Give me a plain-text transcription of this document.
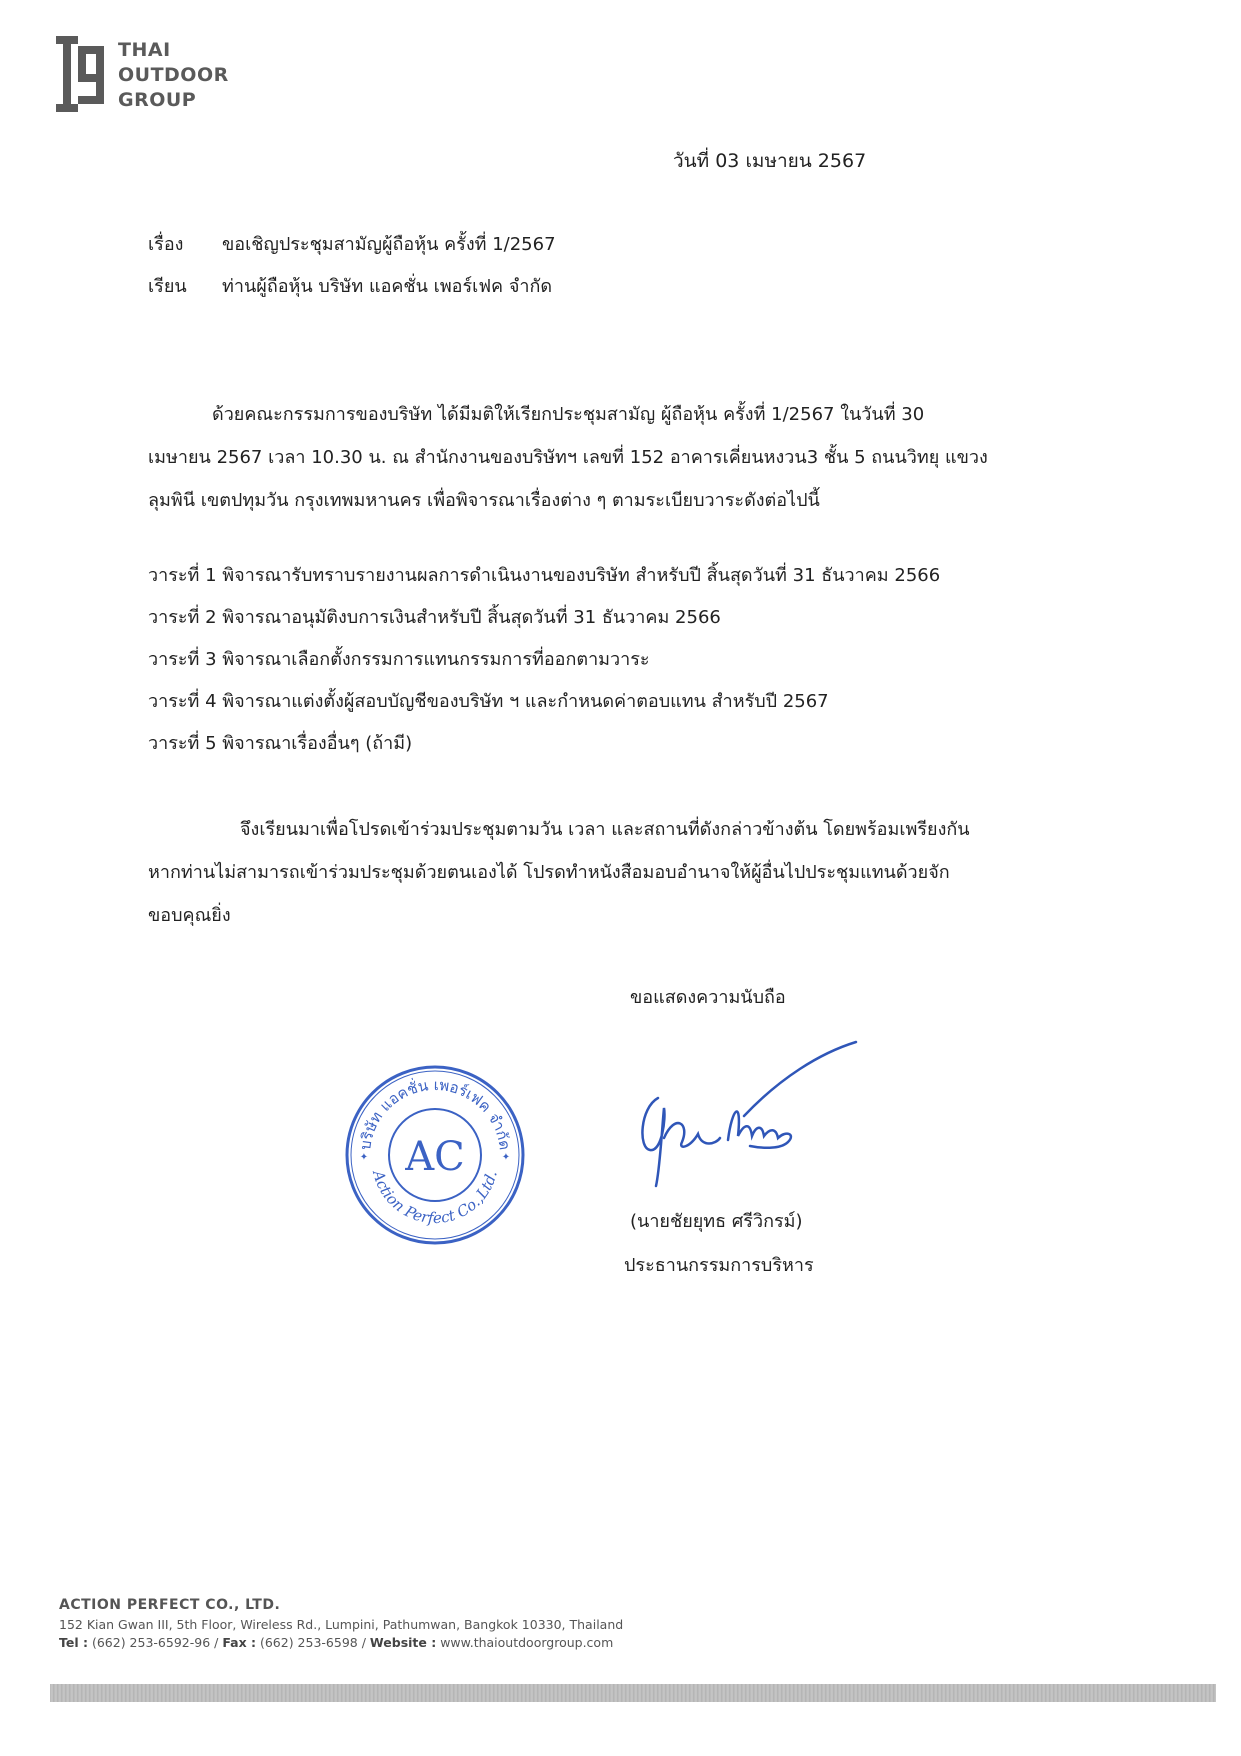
THAI
OUTDOOR
GROUP
วันที่ 03 เมษายน 2567
เรื่อง ขอเชิญประชุมสามัญผู้ถือหุ้น ครั้งที่ 1/2567
เรียน ท่านผู้ถือหุ้น บริษัท แอคชั่น เพอร์เฟค จำกัด
ด้วยคณะกรรมการของบริษัท ได้มีมติให้เรียกประชุมสามัญ ผู้ถือหุ้น ครั้งที่ 1/2567 ในวันที่ 30
เมษายน 2567 เวลา 10.30 น. ณ สำนักงานของบริษัทฯ เลขที่ 152 อาคารเคี่ยนหงวน3 ชั้น 5 ถนนวิทยุ แขวง
ลุมพินี เขตปทุมวัน กรุงเทพมหานคร เพื่อพิจารณาเรื่องต่าง ๆ ตามระเบียบวาระดังต่อไปนี้
วาระที่ 1 พิจารณารับทราบรายงานผลการดำเนินงานของบริษัท สำหรับปี สิ้นสุดวันที่ 31 ธันวาคม 2566
วาระที่ 2 พิจารณาอนุมัติงบการเงินสำหรับปี สิ้นสุดวันที่ 31 ธันวาคม 2566
วาระที่ 3 พิจารณาเลือกตั้งกรรมการแทนกรรมการที่ออกตามวาระ
วาระที่ 4 พิจารณาแต่งตั้งผู้สอบบัญชีของบริษัท ฯ และกำหนดค่าตอบแทน สำหรับปี 2567
วาระที่ 5 พิจารณาเรื่องอื่นๆ (ถ้ามี)
จึงเรียนมาเพื่อโปรดเข้าร่วมประชุมตามวัน เวลา และสถานที่ดังกล่าวข้างต้น โดยพร้อมเพรียงกัน
หากท่านไม่สามารถเข้าร่วมประชุมด้วยตนเองได้ โปรดทำหนังสือมอบอำนาจให้ผู้อื่นไปประชุมแทนด้วยจัก
ขอบคุณยิ่ง
ขอแสดงความนับถือ
บริษัท แอคชั่น เพอร์เฟค จำกัด
Action Perfect Co.,Ltd.
AC
✦	✦
(นายชัยยุทธ ศรีวิกรม์)
ประธานกรรมการบริหาร
ACTION PERFECT CO., LTD.
152 Kian Gwan III, 5th Floor, Wireless Rd., Lumpini, Pathumwan, Bangkok 10330, Thailand
Tel : (662) 253-6592-96 / Fax : (662) 253-6598 / Website : www.thaioutdoorgroup.com
